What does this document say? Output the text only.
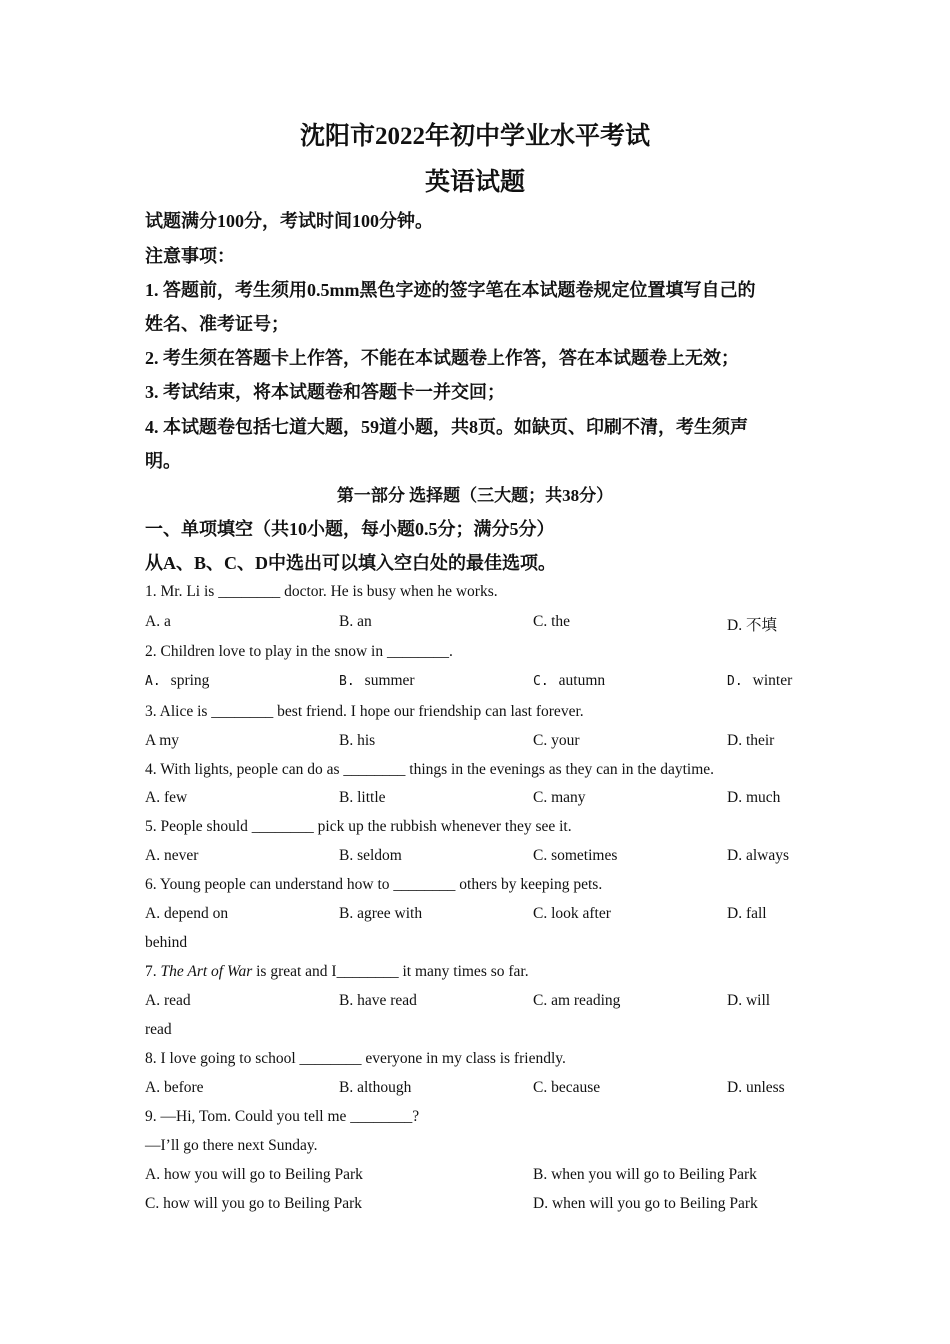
沈阳市2022年初中学业水平考试
英语试题
试题满分100分，考试时间100分钟。
注意事项：
1. 答题前，考生须用0.5mm黑色字迹的签字笔在本试题卷规定位置填写自己的
姓名、准考证号；
2. 考生须在答题卡上作答，不能在本试题卷上作答，答在本试题卷上无效；
3. 考试结束，将本试题卷和答题卡一并交回；
4. 本试题卷包括七道大题，59道小题，共8页。如缺页、印刷不清，考生须声
明。
第一部分 选择题（三大题；共38分）
一、单项填空（共10小题，每小题0.5分；满分5分）
从A、B、C、D中选出可以填入空白处的最佳选项。
1. Mr. Li is ________ doctor. He is busy when he works.
A. a	B. an	C. the	D. 不填
2. Children love to play in the snow in ________.
A. spring	B. summer	C. autumn	D. winter
3. Alice is ________ best friend. I hope our friendship can last forever.
A my	B. his	C. your	D. their
4. With lights, people can do as ________ things in the evenings as they can in the daytime.
A. few	B. little	C. many	D. much
5. People should ________ pick up the rubbish whenever they see it.
A. never	B. seldom	C. sometimes	D. always
6. Young people can understand how to ________ others by keeping pets.
A. depend on	B. agree with	C. look after	D. fall
behind
7. The Art of War is great and I________ it many times so far.
A. read	B. have read	C. am reading	D. will
read
8. I love going to school ________ everyone in my class is friendly.
A. before	B. although	C. because	D. unless
9. —Hi, Tom. Could you tell me ________?
—I’ll go there next Sunday.
A. how you will go to Beiling Park	B. when you will go to Beiling Park
C. how will you go to Beiling Park	D. when will you go to Beiling Park
